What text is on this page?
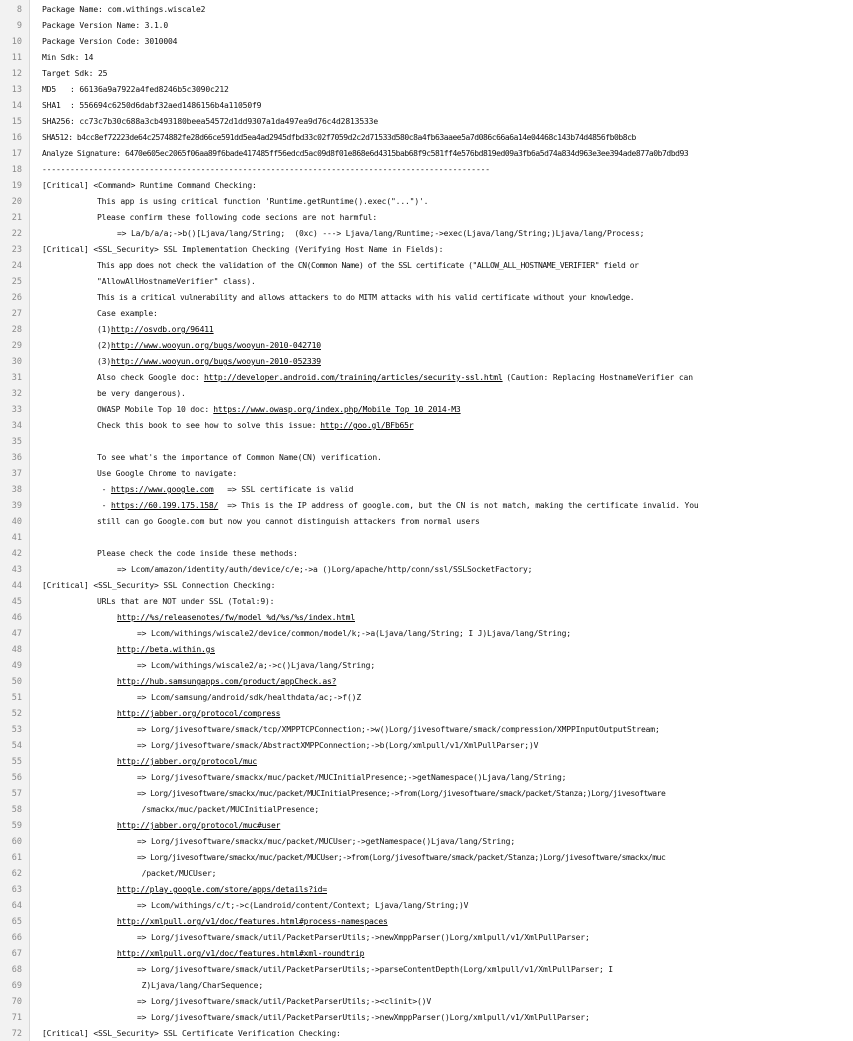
8	Package Name: com.withings.wiscale2
9	Package Version Name: 3.1.0
10	Package Version Code: 3010004
11	Min Sdk: 14
12	Target Sdk: 25
13	MD5   : 66136a9a7922a4fed8246b5c3090c212
14	SHA1  : 556694c6250d6dabf32aed1486156b4a11050f9
15	SHA256: cc73c7b30c688a3cb493180beea54572d1dd9307a1da497ea9d76c4d2813533e
16	SHA512: b4cc8ef72223de64c2574882fe28d66ce591dd5ea4ad2945dfbd33c02f7059d2c2d71533d580c8a4fb63aaee5a7d086c66a6a14e04468c143b74d4856fb0b8cb
17	Analyze Signature: 6470e605ec2065f06aa89f6bade417485ff56edcd5ac09d8f01e868e6d4315bab68f9c581ff4e576bd819ed09a3fb6a5d74a834d963e3ee394ade877a0b7dbd93
18	------------------------------------------------------------------------------------------------
19	[Critical] <Command> Runtime Command Checking:
20	This app is using critical function 'Runtime.getRuntime().exec("...")'.
21	Please confirm these following code secions are not harmful:
22	=> La/b/a/a;->b()[Ljava/lang/String;  (0xc) ---> Ljava/lang/Runtime;->exec(Ljava/lang/String;)Ljava/lang/Process;
23	[Critical] <SSL_Security> SSL Implementation Checking (Verifying Host Name in Fields):
24	This app does not check the validation of the CN(Common Name) of the SSL certificate ("ALLOW_ALL_HOSTNAME_VERIFIER" field or
25	"AllowAllHostnameVerifier" class).
26	This is a critical vulnerability and allows attackers to do MITM attacks with his valid certificate without your knowledge.
27	Case example:
28	(1) http://osvdb.org/96411
29	(2) http://www.wooyun.org/bugs/wooyun-2010-042710
30	(3) http://www.wooyun.org/bugs/wooyun-2010-052339
31	Also check Google doc: http://developer.android.com/training/articles/security-ssl.html
(Caution: Replacing HostnameVerifier can
32	be very dangerous).
33	OWASP Mobile Top 10 doc: https://www.owasp.org/index.php/Mobile_Top_10_2014-M3
34	Check this book to see how to solve this issue: http://goo.gl/BFb65r
35
36	To see what's the importance of Common Name(CN) verification.
37	Use Google Chrome to navigate:
38	- https://www.google.com => SSL certificate is valid
39	- https://60.199.175.158/ => This is the IP address of google.com, but the CN is not match, making the certificate invalid. You
40	still can go Google.com but now you cannot distinguish attackers from normal users
41
42	Please check the code inside these methods:
43	=> Lcom/amazon/identity/auth/device/c/e;->a ()Lorg/apache/http/conn/ssl/SSLSocketFactory;
44	[Critical] <SSL_Security> SSL Connection Checking:
45	URLs that are NOT under SSL (Total:9):
46	http://%s/releasenotes/fw/model_%d/%s/%s/index.html
47	=> Lcom/withings/wiscale2/device/common/model/k;->a(Ljava/lang/String; I J)Ljava/lang/String;
48	http://beta.within.gs
49	=> Lcom/withings/wiscale2/a;->c()Ljava/lang/String;
50	http://hub.samsungapps.com/product/appCheck.as?
51	=> Lcom/samsung/android/sdk/healthdata/ac;->f()Z
52	http://jabber.org/protocol/compress
53	=> Lorg/jivesoftware/smack/tcp/XMPPTCPConnection;->w()Lorg/jivesoftware/smack/compression/XMPPInputOutputStream;
54	=> Lorg/jivesoftware/smack/AbstractXMPPConnection;->b(Lorg/xmlpull/v1/XmlPullParser;)V
55	http://jabber.org/protocol/muc
56	=> Lorg/jivesoftware/smackx/muc/packet/MUCInitialPresence;->getNamespace()Ljava/lang/String;
57	=> Lorg/jivesoftware/smackx/muc/packet/MUCInitialPresence;->from(Lorg/jivesoftware/smack/packet/Stanza;)Lorg/jivesoftware
58	/smackx/muc/packet/MUCInitialPresence;
59	http://jabber.org/protocol/muc#user
60	=> Lorg/jivesoftware/smackx/muc/packet/MUCUser;->getNamespace()Ljava/lang/String;
61	=> Lorg/jivesoftware/smackx/muc/packet/MUCUser;->from(Lorg/jivesoftware/smack/packet/Stanza;)Lorg/jivesoftware/smackx/muc
62	/packet/MUCUser;
63	http://play.google.com/store/apps/details?id=
64	=> Lcom/withings/c/t;->c(Landroid/content/Context; Ljava/lang/String;)V
65	http://xmlpull.org/v1/doc/features.html#process-namespaces
66	=> Lorg/jivesoftware/smack/util/PacketParserUtils;->newXmppParser()Lorg/xmlpull/v1/XmlPullParser;
67	http://xmlpull.org/v1/doc/features.html#xml-roundtrip
68	=> Lorg/jivesoftware/smack/util/PacketParserUtils;->parseContentDepth(Lorg/xmlpull/v1/XmlPullParser; I
69	Z)Ljava/lang/CharSequence;
70	=> Lorg/jivesoftware/smack/util/PacketParserUtils;-><clinit>()V
71	=> Lorg/jivesoftware/smack/util/PacketParserUtils;->newXmppParser()Lorg/xmlpull/v1/XmlPullParser;
72	[Critical] <SSL_Security> SSL Certificate Verification Checking:
